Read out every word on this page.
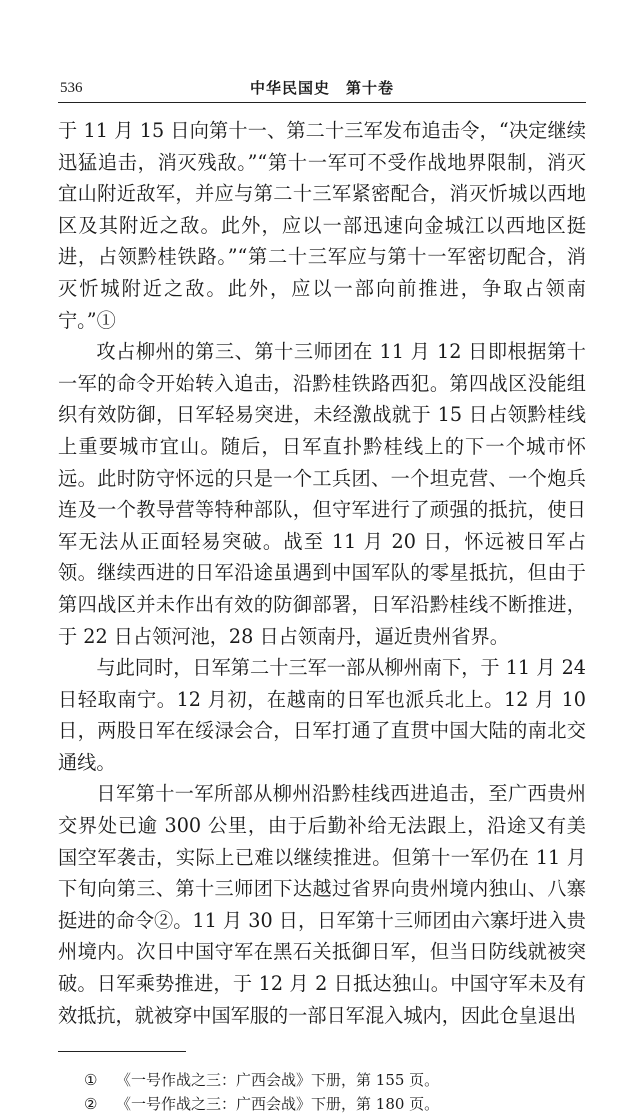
536	中华民国史　第十卷

于 11 月 15 日向第十一、第二十三军发布追击令，“决定继续迅猛追击，消灭残敌。”“第十一军可不受作战地界限制，消灭宜山附近敌军，并应与第二十三军紧密配合，消灭忻城以西地区及其附近之敌。此外，应以一部迅速向金城江以西地区挺进，占领黔桂铁路。”“第二十三军应与第十一军密切配合，消灭忻城附近之敌。此外，应以一部向前推进，争取占领南宁。”①

攻占柳州的第三、第十三师团在 11 月 12 日即根据第十一军的命令开始转入追击，沿黔桂铁路西犯。第四战区没能组织有效防御，日军轻易突进，未经激战就于 15 日占领黔桂线上重要城市宜山。随后，日军直扑黔桂线上的下一个城市怀远。此时防守怀远的只是一个工兵团、一个坦克营、一个炮兵连及一个教导营等特种部队，但守军进行了顽强的抵抗，使日军无法从正面轻易突破。战至 11 月 20 日，怀远被日军占领。继续西进的日军沿途虽遇到中国军队的零星抵抗，但由于第四战区并未作出有效的防御部署，日军沿黔桂线不断推进，于 22 日占领河池，28 日占领南丹，逼近贵州省界。

与此同时，日军第二十三军一部从柳州南下，于 11 月 24 日轻取南宁。12 月初，在越南的日军也派兵北上。12 月 10 日，两股日军在绥渌会合，日军打通了直贯中国大陆的南北交通线。

日军第十一军所部从柳州沿黔桂线西进追击，至广西贵州交界处已逾 300 公里，由于后勤补给无法跟上，沿途又有美国空军袭击，实际上已难以继续推进。但第十一军仍在 11 月下旬向第三、第十三师团下达越过省界向贵州境内独山、八寨挺进的命令②。11 月 30 日，日军第十三师团由六寨圩进入贵州境内。次日中国守军在黑石关抵御日军，但当日防线就被突破。日军乘势推进，于 12 月 2 日抵达独山。中国守军未及有效抵抗，就被穿中国军服的一部日军混入城内，因此仓皇退出

①	《一号作战之三：广西会战》下册，第 155 页。
②	《一号作战之三：广西会战》下册，第 180 页。
